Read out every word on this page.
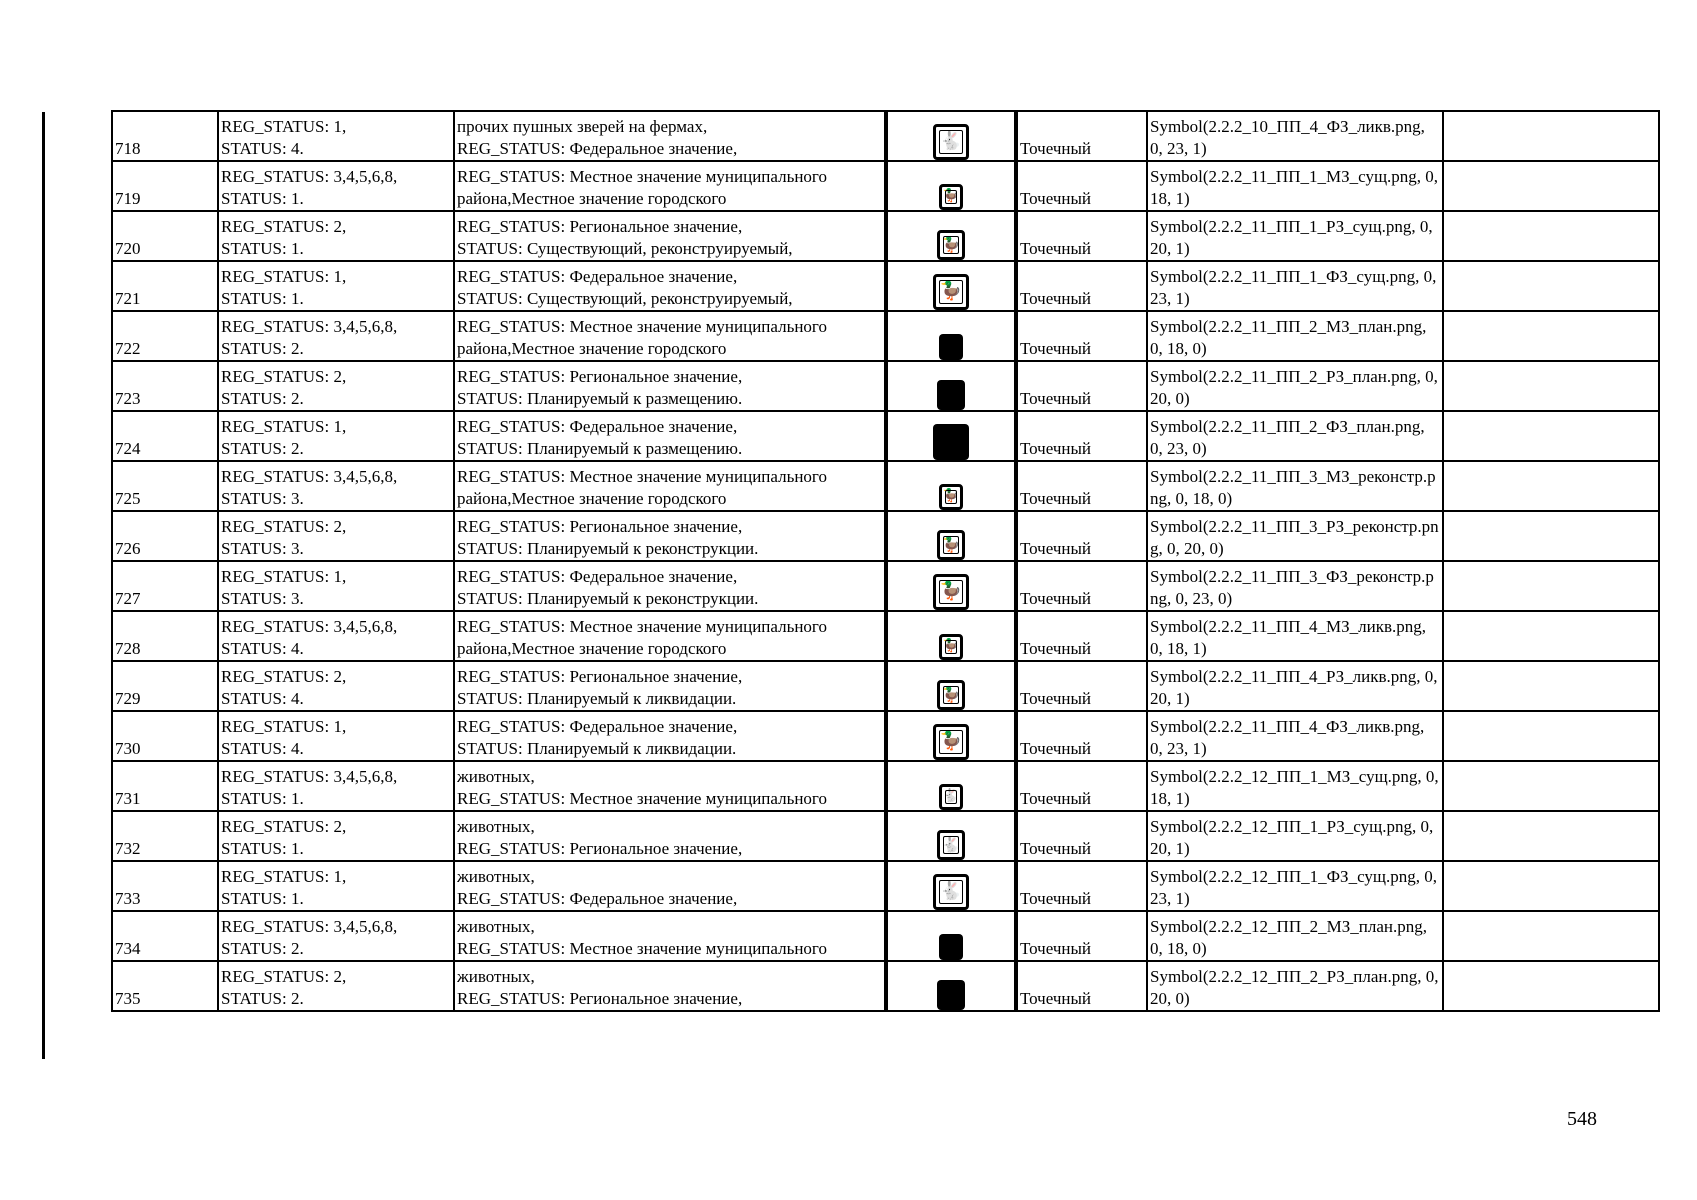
718	REG_STATUS: 1,
STATUS: 4.	прочих пушных зверей на фермах,
REG_STATUS: Федеральное значение,	🐇	Точечный	Symbol(2.2.2_10_ПП_4_ФЗ_ликв.png, 0, 23, 1)	

719	REG_STATUS: 3,4,5,6,8,
STATUS: 1.	REG_STATUS: Местное значение муниципального
района,Местное значение городского	🦆	Точечный	Symbol(2.2.2_11_ПП_1_МЗ_сущ.png, 0, 18, 1)	

720	REG_STATUS: 2,
STATUS: 1.	REG_STATUS: Региональное значение,
STATUS: Существующий, реконструируемый,	🦆	Точечный	Symbol(2.2.2_11_ПП_1_РЗ_сущ.png, 0, 20, 1)	

721	REG_STATUS: 1,
STATUS: 1.	REG_STATUS: Федеральное значение,
STATUS: Существующий, реконструируемый,	🦆	Точечный	Symbol(2.2.2_11_ПП_1_ФЗ_сущ.png, 0, 23, 1)	

722	REG_STATUS: 3,4,5,6,8,
STATUS: 2.	REG_STATUS: Местное значение муниципального
района,Местное значение городского		Точечный	Symbol(2.2.2_11_ПП_2_МЗ_план.png, 0, 18, 0)	

723	REG_STATUS: 2,
STATUS: 2.	REG_STATUS: Региональное значение,
STATUS: Планируемый к размещению.		Точечный	Symbol(2.2.2_11_ПП_2_РЗ_план.png, 0, 20, 0)	

724	REG_STATUS: 1,
STATUS: 2.	REG_STATUS: Федеральное значение,
STATUS: Планируемый к размещению.		Точечный	Symbol(2.2.2_11_ПП_2_ФЗ_план.png, 0, 23, 0)	

725	REG_STATUS: 3,4,5,6,8,
STATUS: 3.	REG_STATUS: Местное значение муниципального
района,Местное значение городского	🦆	Точечный	Symbol(2.2.2_11_ПП_3_МЗ_реконстр.png, 0, 18, 0)	

726	REG_STATUS: 2,
STATUS: 3.	REG_STATUS: Региональное значение,
STATUS: Планируемый к реконструкции.	🦆	Точечный	Symbol(2.2.2_11_ПП_3_РЗ_реконстр.png, 0, 20, 0)	

727	REG_STATUS: 1,
STATUS: 3.	REG_STATUS: Федеральное значение,
STATUS: Планируемый к реконструкции.	🦆	Точечный	Symbol(2.2.2_11_ПП_3_ФЗ_реконстр.png, 0, 23, 0)	

728	REG_STATUS: 3,4,5,6,8,
STATUS: 4.	REG_STATUS: Местное значение муниципального
района,Местное значение городского	🦆	Точечный	Symbol(2.2.2_11_ПП_4_МЗ_ликв.png, 0, 18, 1)	

729	REG_STATUS: 2,
STATUS: 4.	REG_STATUS: Региональное значение,
STATUS: Планируемый к ликвидации.	🦆	Точечный	Symbol(2.2.2_11_ПП_4_РЗ_ликв.png, 0, 20, 1)	

730	REG_STATUS: 1,
STATUS: 4.	REG_STATUS: Федеральное значение,
STATUS: Планируемый к ликвидации.	🦆	Точечный	Symbol(2.2.2_11_ПП_4_ФЗ_ликв.png, 0, 23, 1)	

731	REG_STATUS: 3,4,5,6,8,
STATUS: 1.	животных,
REG_STATUS: Местное значение муниципального	🐇	Точечный	Symbol(2.2.2_12_ПП_1_МЗ_сущ.png, 0, 18, 1)	

732	REG_STATUS: 2,
STATUS: 1.	животных,
REG_STATUS: Региональное значение,	🐇	Точечный	Symbol(2.2.2_12_ПП_1_РЗ_сущ.png, 0, 20, 1)	

733	REG_STATUS: 1,
STATUS: 1.	животных,
REG_STATUS: Федеральное значение,	🐇	Точечный	Symbol(2.2.2_12_ПП_1_ФЗ_сущ.png, 0, 23, 1)	

734	REG_STATUS: 3,4,5,6,8,
STATUS: 2.	животных,
REG_STATUS: Местное значение муниципального		Точечный	Symbol(2.2.2_12_ПП_2_МЗ_план.png, 0, 18, 0)	

735	REG_STATUS: 2,
STATUS: 2.	животных,
REG_STATUS: Региональное значение,		Точечный	Symbol(2.2.2_12_ПП_2_РЗ_план.png, 0, 20, 0)	

548
